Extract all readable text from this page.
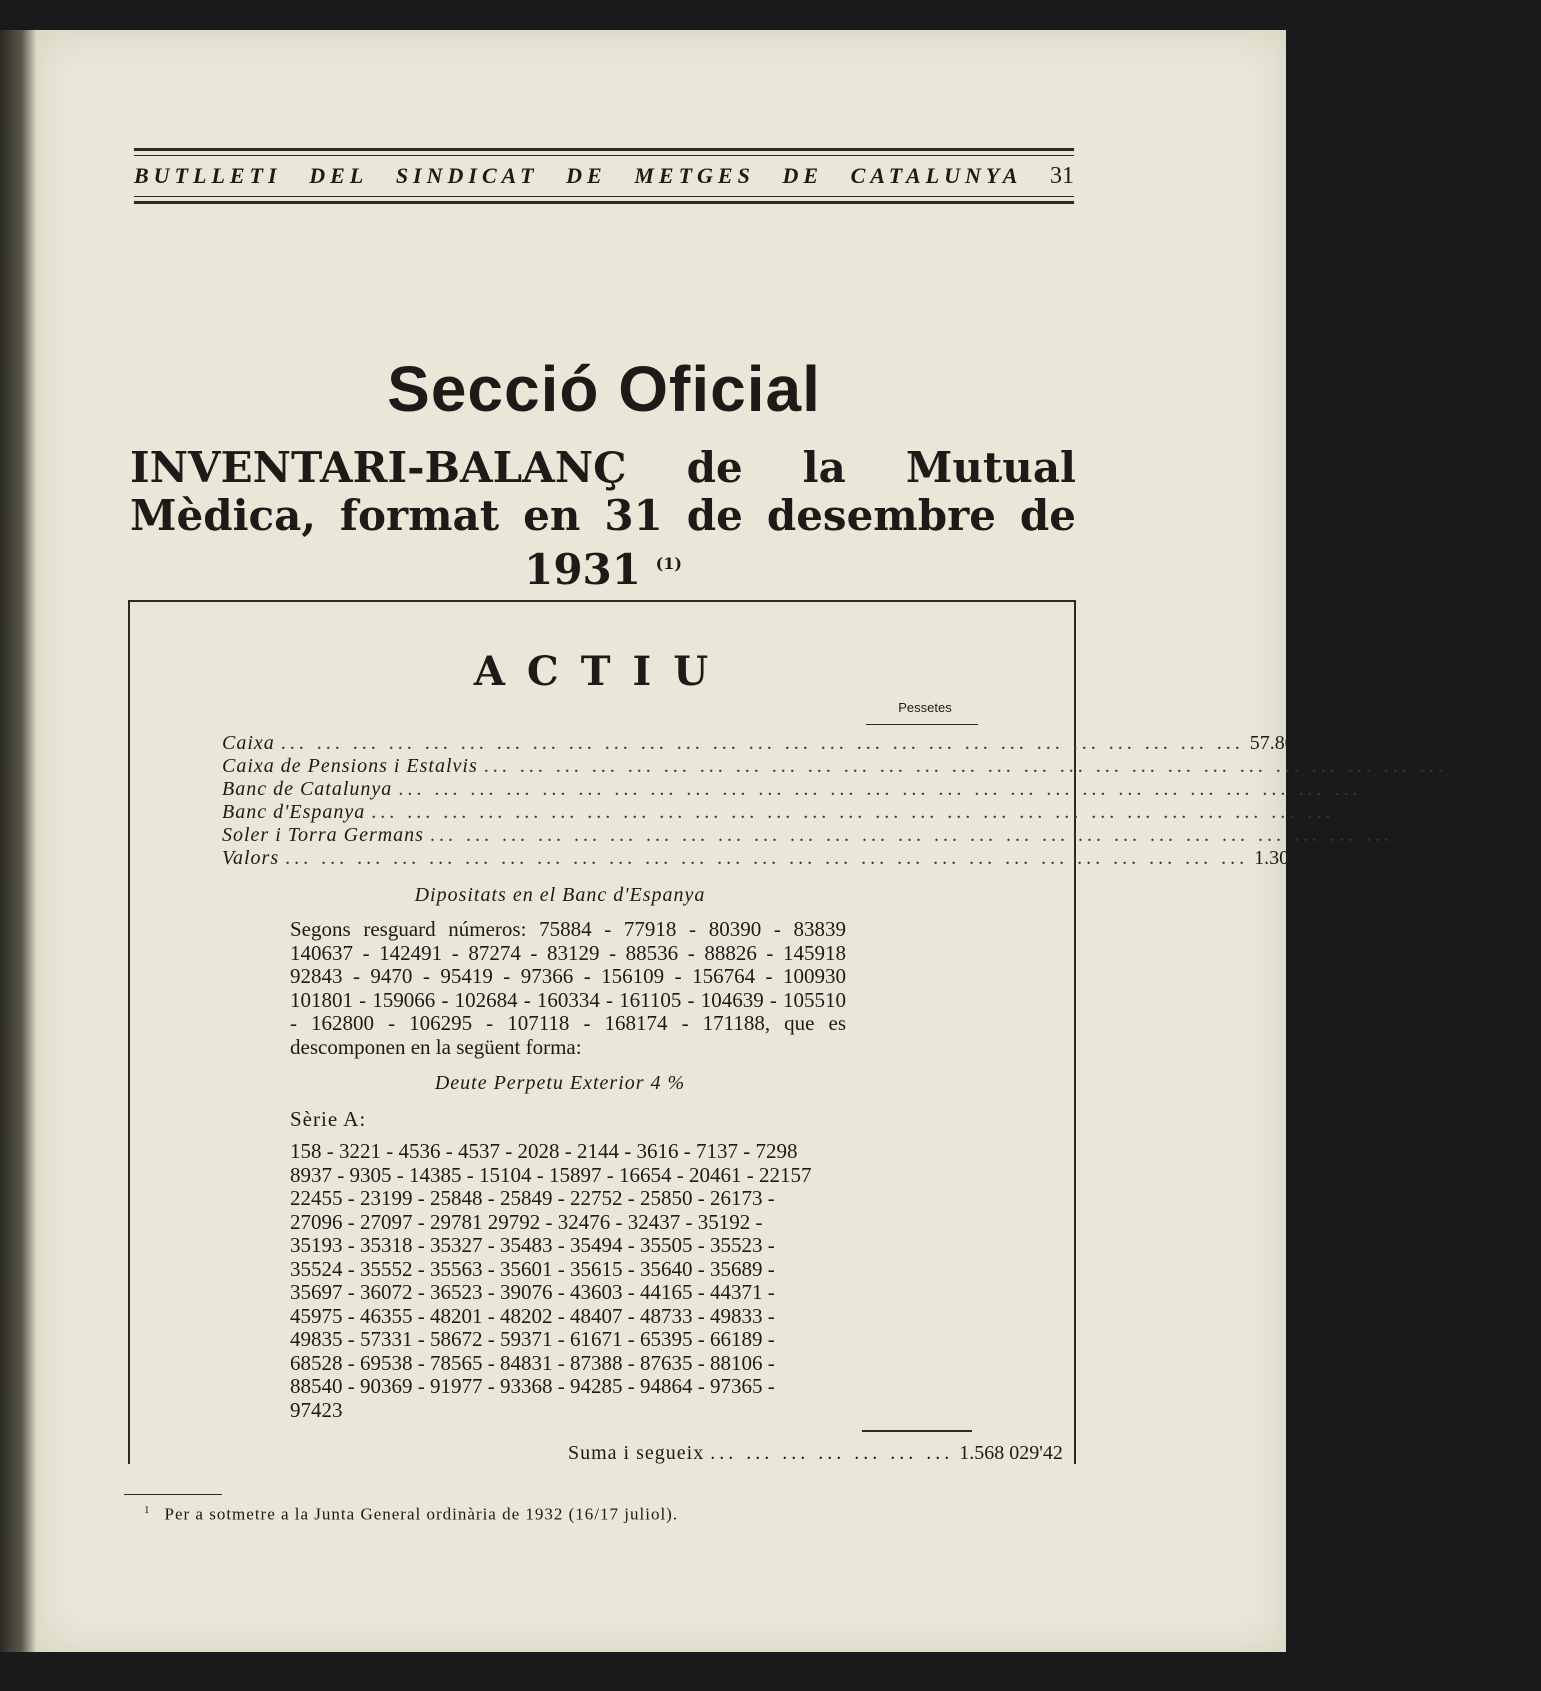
BUTLLETI DEL SINDICAT DE METGES DE CATALUNYA 31
Secció Oficial
INVENTARI-BALANÇ de la Mutual Mèdica, format en 31 de desembre de 1931 $^{(1)}$
ACTIU
Pessetes
Caixa ... ... ... ... ... ... ... ... ... ... ... ... ... ... ... ... ... ... ... ... ... ... ... ... ... ... ... 57.804'94
Caixa de Pensions i Estalvis ... ... ... ... ... ... ... ... ... ... ... ... ... ... ... ... ... ... ... ... ... ... ... ... ... ... ... 160.745'21
Banc de Catalunya ... ... ... ... ... ... ... ... ... ... ... ... ... ... ... ... ... ... ... ... ... ... ... ... ... ... ... 346'28
Banc d'Espanya ... ... ... ... ... ... ... ... ... ... ... ... ... ... ... ... ... ... ... ... ... ... ... ... ... ... ... 19.262'30
Soler i Torra Germans ... ... ... ... ... ... ... ... ... ... ... ... ... ... ... ... ... ... ... ... ... ... ... ... ... ... ... 25.927'44
Valors ... ... ... ... ... ... ... ... ... ... ... ... ... ... ... ... ... ... ... ... ... ... ... ... ... ... ... 1.303.943'25
Dipositats en el Banc d'Espanya
Segons resguard números: 75884 - 77918 - 80390 - 83839 140637 - 142491 - 87274 - 83129 - 88536 - 88826 - 145918 92843 - 9470 - 95419 - 97366 - 156109 - 156764 - 100930 101801 - 159066 - 102684 - 160334 - 161105 - 104639 - 105510 - 162800 - 106295 - 107118 - 168174 - 171188, que es descomponen en la següent forma:
Deute Perpetu Exterior 4 %
Sèrie A:
158 - 3221 - 4536 - 4537 - 2028 - 2144 - 3616 - 7137 - 7298
8937 - 9305 - 14385 - 15104 - 15897 - 16654 - 20461 - 22157
22455 - 23199 - 25848 - 25849 - 22752 - 25850 - 26173 -
27096 - 27097 - 29781 29792 - 32476 - 32437 - 35192 -
35193 - 35318 - 35327 - 35483 - 35494 - 35505 - 35523 -
35524 - 35552 - 35563 - 35601 - 35615 - 35640 - 35689 -
35697 - 36072 - 36523 - 39076 - 43603 - 44165 - 44371 -
45975 - 46355 - 48201 - 48202 - 48407 - 48733 - 49833 -
49835 - 57331 - 58672 - 59371 - 61671 - 65395 - 66189 -
68528 - 69538 - 78565 - 84831 - 87388 - 87635 - 88106 -
88540 - 90369 - 91977 - 93368 - 94285 - 94864 - 97365 -
97423
Suma i segueix ... ... ... ... ... ... ... 1.568 029'42
$^1$ Per a sotmetre a la Junta General ordinària de 1932 (16/17 juliol).
